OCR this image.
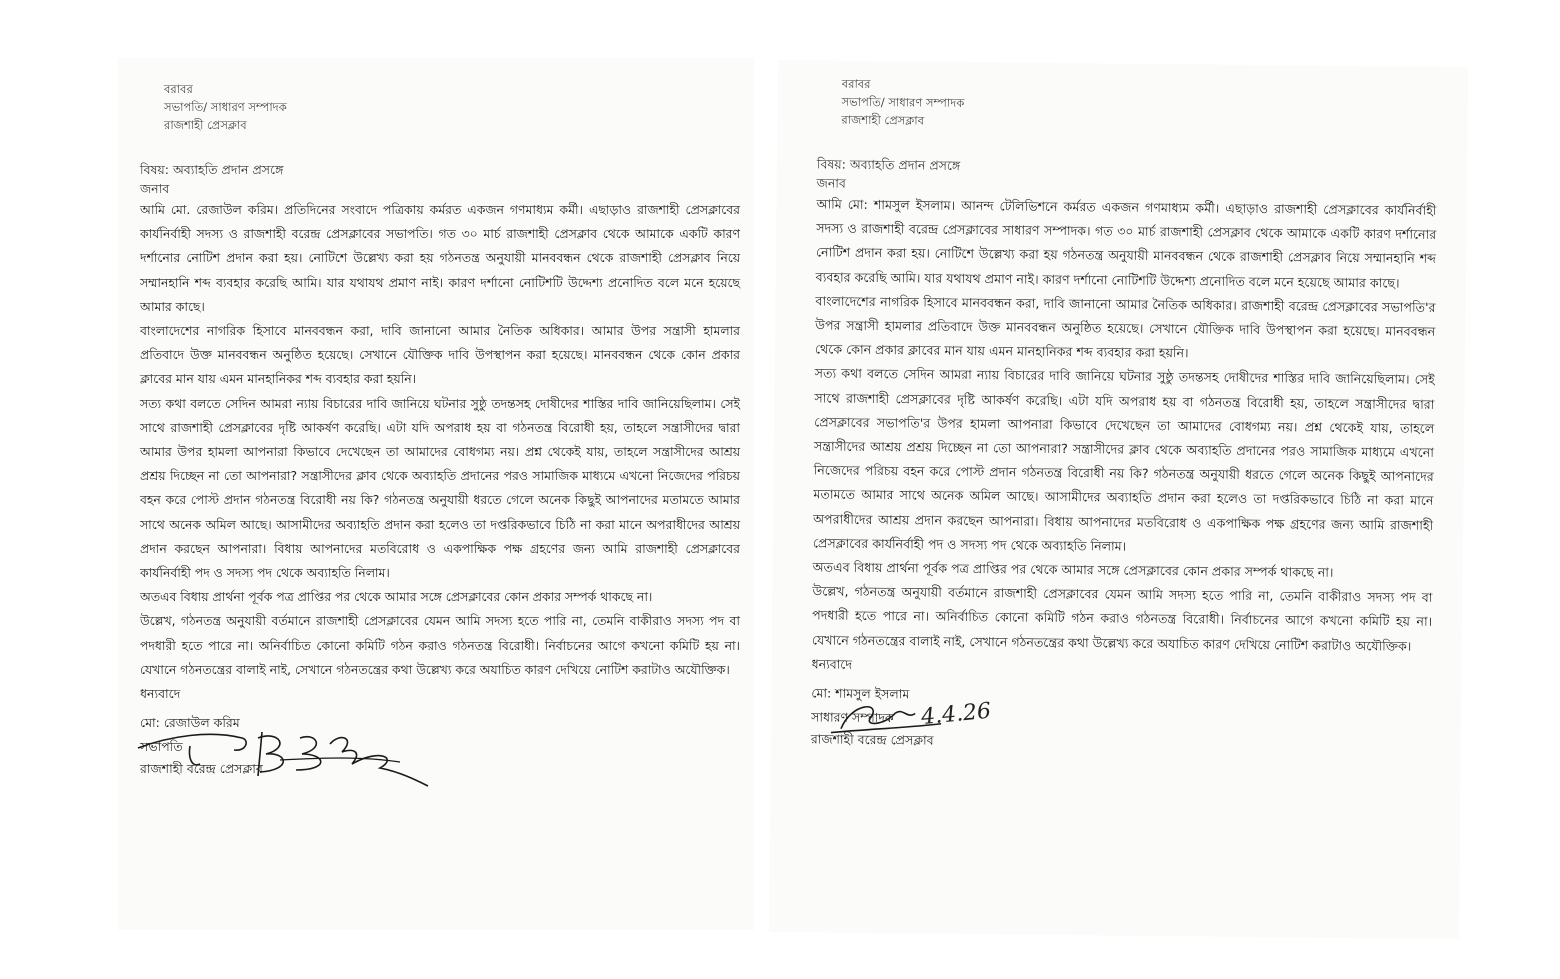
বরাবর
সভাপতি/ সাধারণ সম্পাদক
রাজশাহী প্রেসক্লাব
বিষয়: অব্যাহতি প্রদান প্রসঙ্গে
জনাব

আমি মো. রেজাউল করিম। প্রতিদিনের সংবাদে পত্রিকায় কর্মরত একজন গণমাধ্যম কর্মী। এছাড়াও রাজশাহী প্রেসক্লাবের কার্যনির্বাহী সদস্য ও রাজশাহী বরেন্দ্র প্রেসক্লাবের সভাপতি। গত ৩০ মার্চ রাজশাহী প্রেসক্লাব থেকে আমাকে একটি কারণ দর্শানোর নোটিশ প্রদান করা হয়। নোটিশে উল্লেখ্য করা হয় গঠনতন্ত্র অনুযায়ী মানববন্ধন থেকে রাজশাহী প্রেসক্লাব নিয়ে সম্মানহানি শব্দ ব্যবহার করেছি আমি। যার যথাযথ প্রমাণ নাই। কারণ দর্শানো নোটিশটি উদ্দেশ্য প্রনোদিত বলে মনে হয়েছে আমার কাছে।

বাংলাদেশের নাগরিক হিসাবে মানববন্ধন করা, দাবি জানানো আমার নৈতিক অধিকার। আমার উপর সন্ত্রাসী হামলার প্রতিবাদে উক্ত মানববন্ধন অনুষ্ঠিত হয়েছে। সেখানে যৌক্তিক দাবি উপস্থাপন করা হয়েছে। মানববন্ধন থেকে কোন প্রকার ক্লাবের মান যায় এমন মানহানিকর শব্দ ব্যবহার করা হয়নি।

সত্য কথা বলতে সেদিন আমরা ন্যায় বিচারের দাবি জানিয়ে ঘটনার সুষ্ঠু তদন্তসহ দোষীদের শাস্তির দাবি জানিয়েছিলাম। সেই সাথে রাজশাহী প্রেসক্লাবের দৃষ্টি আকর্ষণ করেছি। এটা যদি অপরাধ হয় বা গঠনতন্ত্র বিরোধী হয়, তাহলে সন্ত্রাসীদের দ্বারা আমার উপর হামলা আপনারা কিভাবে দেখেছেন তা আমাদের বোধগম্য নয়। প্রশ্ন থেকেই যায়, তাহলে সন্ত্রাসীদের আশ্রয় প্রশ্রয় দিচ্ছেন না তো আপনারা? সন্ত্রাসীদের ক্লাব থেকে অব্যাহতি প্রদানের পরও সামাজিক মাধ্যমে এখনো নিজেদের পরিচয় বহন করে পোস্ট প্রদান গঠনতন্ত্র বিরোধী নয় কি? গঠনতন্ত্র অনুযায়ী ধরতে গেলে অনেক কিছুই আপনাদের মতামতে আমার সাথে অনেক অমিল আছে। আসামীদের অব্যাহতি প্রদান করা হলেও তা দপ্তরিকভাবে চিঠি না করা মানে অপরাধীদের আশ্রয় প্রদান করছেন আপনারা। বিধায় আপনাদের মতবিরোধ ও একপাক্ষিক পক্ষ গ্রহণের জন্য আমি রাজশাহী প্রেসক্লাবের কার্যনির্বাহী পদ ও সদস্য পদ থেকে অব্যাহতি নিলাম।

অতএব বিধায় প্রার্থনা পূর্বক পত্র প্রাপ্তির পর থেকে আমার সঙ্গে প্রেসক্লাবের কোন প্রকার সম্পর্ক থাকছে না।

উল্লেখ, গঠনতন্ত্র অনুযায়ী বর্তমানে রাজশাহী প্রেসক্লাবের যেমন আমি সদস্য হতে পারি না, তেমনি বাকীরাও সদস্য পদ বা পদধারী হতে পারে না। অনির্বাচিত কোনো কমিটি গঠন করাও গঠনতন্ত্র বিরোধী। নির্বাচনের আগে কখনো কমিটি হয় না। যেখানে গঠনতন্ত্রের বালাই নাই, সেখানে গঠনতন্ত্রের কথা উল্লেখ্য করে অযাচিত কারণ দেখিয়ে নোটিশ করাটাও অযৌক্তিক।

ধন্যবাদে
মো: রেজাউল করিম
সভাপতি
রাজশাহী বরেন্দ্র প্রেসক্লাব
বরাবর
সভাপতি/ সাধারণ সম্পাদক
রাজশাহী প্রেসক্লাব
বিষয়: অব্যাহতি প্রদান প্রসঙ্গে
জনাব

আমি মো: শামসুল ইসলাম। আনন্দ টেলিভিশনে কর্মরত একজন গণমাধ্যম কর্মী। এছাড়াও রাজশাহী প্রেসক্লাবের কার্যনির্বাহী সদস্য ও রাজশাহী বরেন্দ্র প্রেসক্লাবের সাধারণ সম্পাদক। গত ৩০ মার্চ রাজশাহী প্রেসক্লাব থেকে আমাকে একটি কারণ দর্শানোর নোটিশ প্রদান করা হয়। নোটিশে উল্লেখ্য করা হয় গঠনতন্ত্র অনুযায়ী মানববন্ধন থেকে রাজশাহী প্রেসক্লাব নিয়ে সম্মানহানি শব্দ ব্যবহার করেছি আমি। যার যথাযথ প্রমাণ নাই। কারণ দর্শানো নোটিশটি উদ্দেশ্য প্রনোদিত বলে মনে হয়েছে আমার কাছে।

বাংলাদেশের নাগরিক হিসাবে মানববন্ধন করা, দাবি জানানো আমার নৈতিক অধিকার। রাজশাহী বরেন্দ্র প্রেসক্লাবের সভাপতি'র উপর সন্ত্রাসী হামলার প্রতিবাদে উক্ত মানববন্ধন অনুষ্ঠিত হয়েছে। সেখানে যৌক্তিক দাবি উপস্থাপন করা হয়েছে। মানববন্ধন থেকে কোন প্রকার ক্লাবের মান যায় এমন মানহানিকর শব্দ ব্যবহার করা হয়নি।

সত্য কথা বলতে সেদিন আমরা ন্যায় বিচারের দাবি জানিয়ে ঘটনার সুষ্ঠু তদন্তসহ দোষীদের শাস্তির দাবি জানিয়েছিলাম। সেই সাথে রাজশাহী প্রেসক্লাবের দৃষ্টি আকর্ষণ করেছি। এটা যদি অপরাধ হয় বা গঠনতন্ত্র বিরোধী হয়, তাহলে সন্ত্রাসীদের দ্বারা প্রেসক্লাবের সভাপতি'র উপর হামলা আপনারা কিভাবে দেখেছেন তা আমাদের বোধগম্য নয়। প্রশ্ন থেকেই যায়, তাহলে সন্ত্রাসীদের আশ্রয় প্রশ্রয় দিচ্ছেন না তো আপনারা? সন্ত্রাসীদের ক্লাব থেকে অব্যাহতি প্রদানের পরও সামাজিক মাধ্যমে এখনো নিজেদের পরিচয় বহন করে পোস্ট প্রদান গঠনতন্ত্র বিরোধী নয় কি? গঠনতন্ত্র অনুযায়ী ধরতে গেলে অনেক কিছুই আপনাদের মতামতে আমার সাথে অনেক অমিল আছে। আসামীদের অব্যাহতি প্রদান করা হলেও তা দপ্তরিকভাবে চিঠি না করা মানে অপরাধীদের আশ্রয় প্রদান করছেন আপনারা। বিধায় আপনাদের মতবিরোধ ও একপাক্ষিক পক্ষ গ্রহণের জন্য আমি রাজশাহী প্রেসক্লাবের কার্যনির্বাহী পদ ও সদস্য পদ থেকে অব্যাহতি নিলাম।

অতএব বিধায় প্রার্থনা পূর্বক পত্র প্রাপ্তির পর থেকে আমার সঙ্গে প্রেসক্লাবের কোন প্রকার সম্পর্ক থাকছে না।

উল্লেখ, গঠনতন্ত্র অনুযায়ী বর্তমানে রাজশাহী প্রেসক্লাবের যেমন আমি সদস্য হতে পারি না, তেমনি বাকীরাও সদস্য পদ বা পদধারী হতে পারে না। অনির্বাচিত কোনো কমিটি গঠন করাও গঠনতন্ত্র বিরোধী। নির্বাচনের আগে কখনো কমিটি হয় না। যেখানে গঠনতন্ত্রের বালাই নাই, সেখানে গঠনতন্ত্রের কথা উল্লেখ্য করে অযাচিত কারণ দেখিয়ে নোটিশ করাটাও অযৌক্তিক।

ধন্যবাদে
মো: শামসুল ইসলাম
4.4.26
সাধারণ সম্পাদক
রাজশাহী বরেন্দ্র প্রেসক্লাব
